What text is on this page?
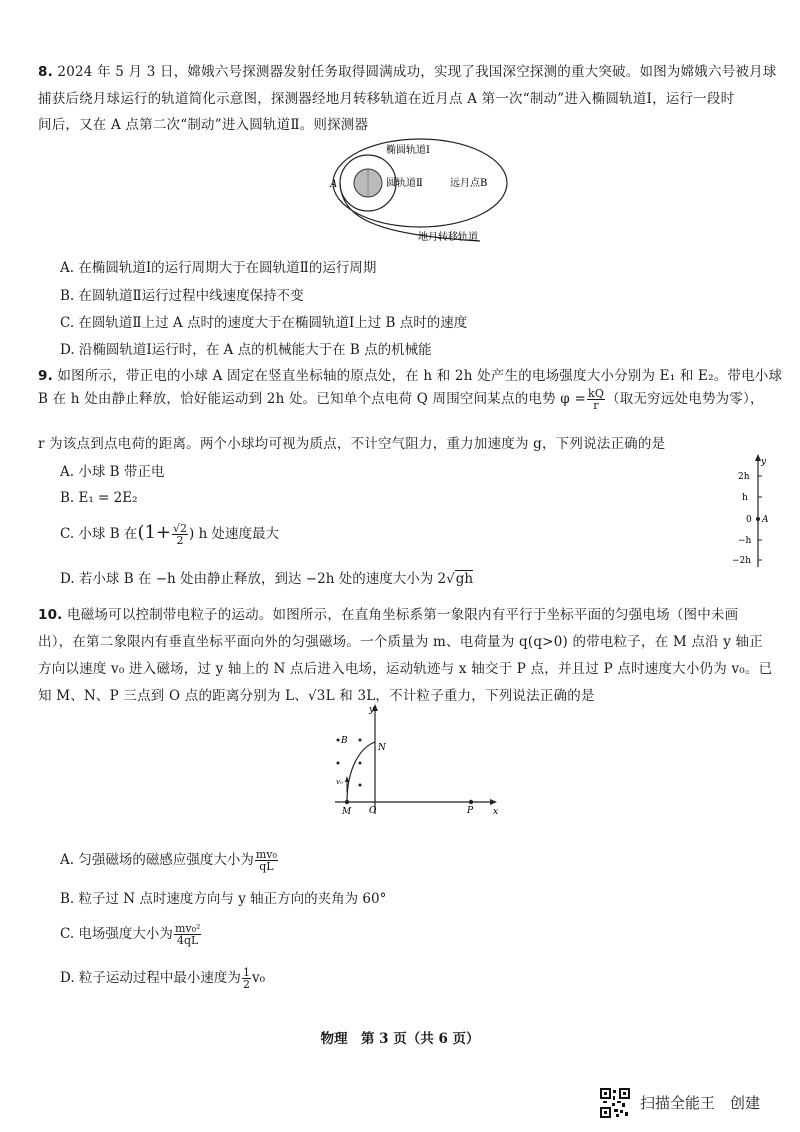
8. 2024 年 5 月 3 日，嫦娥六号探测器发射任务取得圆满成功，实现了我国深空探测的重大突破。如图为嫦娥六号被月球
捕获后绕月球运行的轨道简化示意图，探测器经地月转移轨道在近月点 A 第一次“制动”进入椭圆轨道Ⅰ，运行一段时
间后，又在 A 点第二次“制动”进入圆轨道Ⅱ。则探测器
椭圆轨道Ⅰ
圆轨道Ⅱ	远月点B
A
地月转移轨道
A. 在椭圆轨道Ⅰ的运行周期大于在圆轨道Ⅱ的运行周期
B. 在圆轨道Ⅱ运行过程中线速度保持不变
C. 在圆轨道Ⅱ上过 A 点时的速度大于在椭圆轨道Ⅰ上过 B 点时的速度
D. 沿椭圆轨道Ⅰ运行时，在 A 点的机械能大于在 B 点的机械能
9. 如图所示，带正电的小球 A 固定在竖直坐标轴的原点处，在 h 和 2h 处产生的电场强度大小分别为 E₁ 和 E₂。带电小球
B 在 h 处由静止释放，恰好能运动到 2h 处。已知单个点电荷 Q 周围空间某点的电势 $\varphi = \frac{kQ}{r}$ （取无穷远处电势为零），
r 为该点到点电荷的距离。两个小球均可视为质点，不计空气阻力，重力加速度为 g，下列说法正确的是
A. 小球 B 带正电
B. E₁ = 2E₂
C. 小球 B 在($1+ \frac{√2}{2}$ ) h 处速度最大
D. 若小球 B 在 −h 处由静止释放，到达 −2h 处的速度大小为 2√gh
y
2h
h
0 A
−h
−2h
10. 电磁场可以控制带电粒子的运动。如图所示，在直角坐标系第一象限内有平行于坐标平面的匀强电场（图中未画
出），在第二象限内有垂直坐标平面向外的匀强磁场。一个质量为 m、电荷量为 q(q>0) 的带电粒子，在 M 点沿 y 轴正
方向以速度 v₀ 进入磁场，过 y 轴上的 N 点后进入电场，运动轨迹与 x 轴交于 P 点，并且过 P 点时速度大小仍为 v₀。已
知 M、N、P 三点到 O 点的距离分别为 L、√3L 和 3L，不计粒子重力，下列说法正确的是
y
x
B
v₀
N
O
M	P
A. 匀强磁场的磁感应强度大小为 $\frac{\text{mv₀}}{qL}$
B. 粒子过 N 点时速度方向与 y 轴正方向的夹角为 60°
C. 电场强度大小为 $\frac{\text{mv₀²}}{4qL}$
D. 粒子运动过程中最小速度为 $\frac{1}{2} v_0$
物理　第 3 页（共 6 页）
扫描全能王　创建
